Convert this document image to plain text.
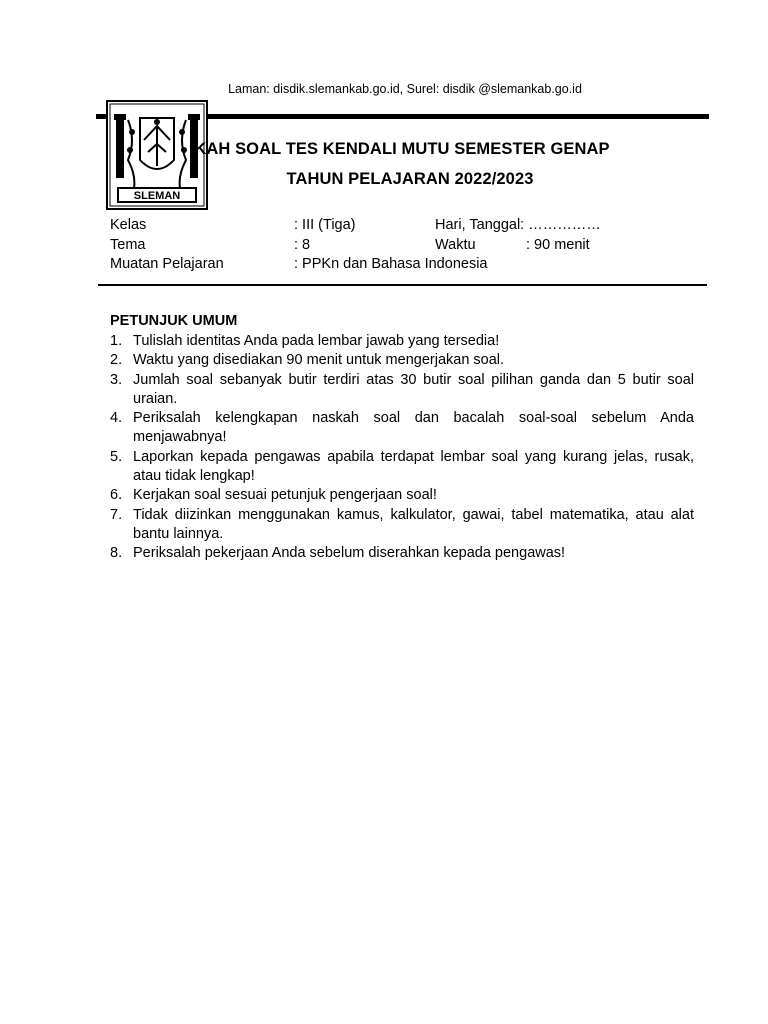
Laman: disdik.slemankab.go.id, Surel: disdik @slemankab.go.id
SLEMAN
KAH SOAL TES KENDALI MUTU SEMESTER GENAP
TAHUN PELAJARAN 2022/2023
Kelas	: III (Tiga)	Hari, Tanggal: ……………
Tema	: 8	Waktu	: 90 menit
Muatan Pelajaran	: PPKn dan Bahasa Indonesia
PETUNJUK UMUM
1. Tulislah identitas Anda pada lembar jawab yang tersedia!
2. Waktu yang disediakan 90 menit untuk mengerjakan soal.
3. Jumlah soal sebanyak butir terdiri atas 30 butir soal pilihan ganda dan 5 butir soal uraian.
4. Periksalah kelengkapan naskah soal dan bacalah soal-soal sebelum Anda menjawabnya!
5. Laporkan kepada pengawas apabila terdapat lembar soal yang kurang jelas, rusak, atau tidak lengkap!
6. Kerjakan soal sesuai petunjuk pengerjaan soal!
7. Tidak diizinkan menggunakan kamus, kalkulator, gawai, tabel matematika, atau alat bantu lainnya.
8. Periksalah pekerjaan Anda sebelum diserahkan kepada pengawas!
